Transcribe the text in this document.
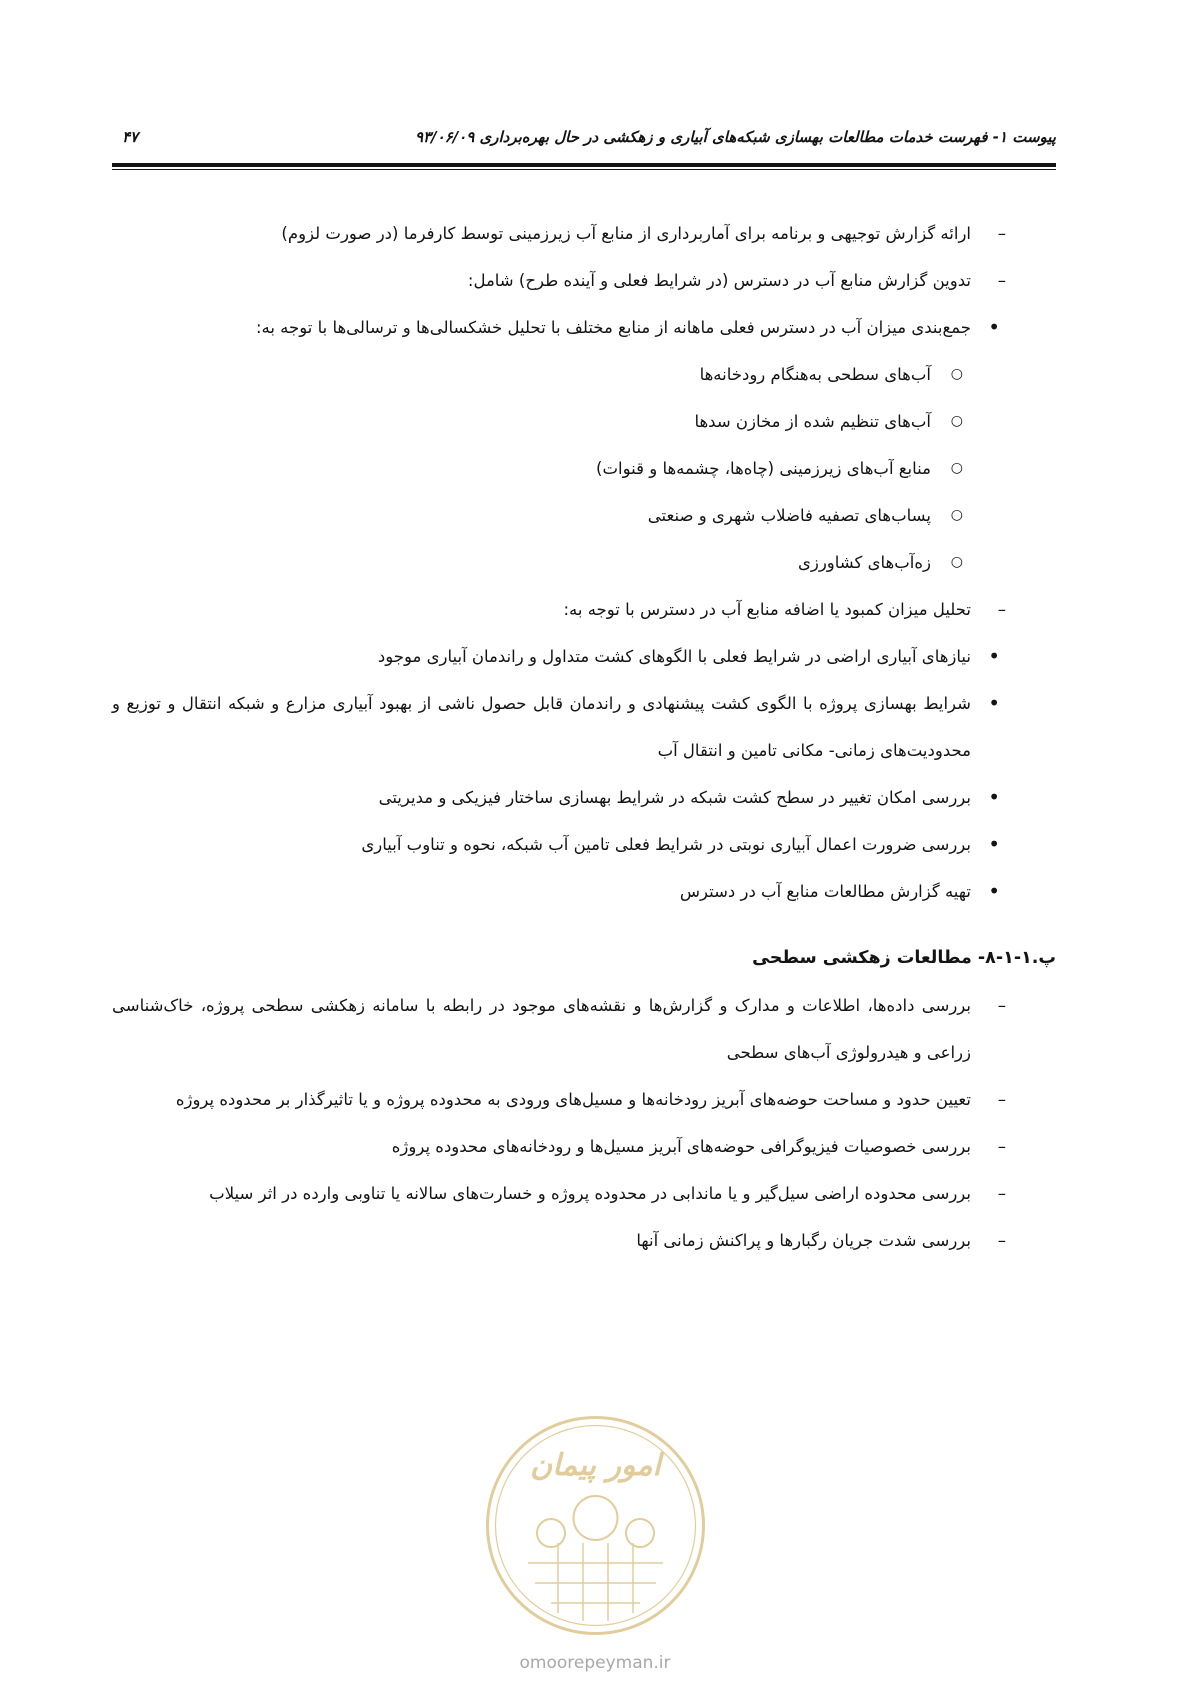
پیوست ۱- فهرست خدمات مطالعات بهسازی شبکه‌های آبیاری و زهکشی در حال بهره‌برداری ۹۳/۰۶/۰۹
۴۷

– ارائه گزارش توجیهی و برنامه برای آماربرداری از منابع آب زیرزمینی توسط کارفرما (در صورت لزوم)

– تدوین گزارش منابع آب در دسترس (در شرایط فعلی و آینده طرح) شامل:

• جمع‌بندی میزان آب در دسترس فعلی ماهانه از منابع مختلف با تحلیل خشکسالی‌ها و ترسالی‌ها با توجه به:

○ آب‌های سطحی به‌هنگام رودخانه‌ها

○ آب‌های تنظیم شده از مخازن سدها

○ منابع آب‌های زیرزمینی (چاه‌ها، چشمه‌ها و قنوات)

○ پساب‌های تصفیه فاضلاب شهری و صنعتی

○ زه‌آب‌های کشاورزی

– تحلیل میزان کمبود یا اضافه منابع آب در دسترس با توجه به:

• نیازهای آبیاری اراضی در شرایط فعلی با الگوهای کشت متداول و راندمان آبیاری موجود

• شرایط بهسازی پروژه با الگوی کشت پیشنهادی و راندمان قابل حصول ناشی از بهبود آبیاری مزارع و شبکه انتقال و توزیع و محدودیت‌های زمانی- مکانی تامین و انتقال آب

• بررسی امکان تغییر در سطح کشت شبکه در شرایط بهسازی ساختار فیزیکی و مدیریتی

• بررسی ضرورت اعمال آبیاری نوبتی در شرایط فعلی تامین آب شبکه، نحوه و تناوب آبیاری

• تهیه گزارش مطالعات منابع آب در دسترس

پ.۱-۱-۸- مطالعات زهکشی سطحی

– بررسی داده‌ها، اطلاعات و مدارک و گزارش‌ها و نقشه‌های موجود در رابطه با سامانه زهکشی سطحی پروژه، خاک‌شناسی زراعی و هیدرولوژی آب‌های سطحی

– تعیین حدود و مساحت حوضه‌های آبریز رودخانه‌ها و مسیل‌های ورودی به محدوده پروژه و یا تاثیرگذار بر محدوده پروژه

– بررسی خصوصیات فیزیوگرافی حوضه‌های آبریز مسیل‌ها و رودخانه‌های محدوده پروژه

– بررسی محدوده اراضی سیل‌گیر و یا ماندابی در محدوده پروژه و خسارت‌های سالانه یا تناوبی وارده در اثر سیلاب

– بررسی شدت جریان رگبارها و پراکنش زمانی آنها

امور پیمان
omoorepeyman.ir
